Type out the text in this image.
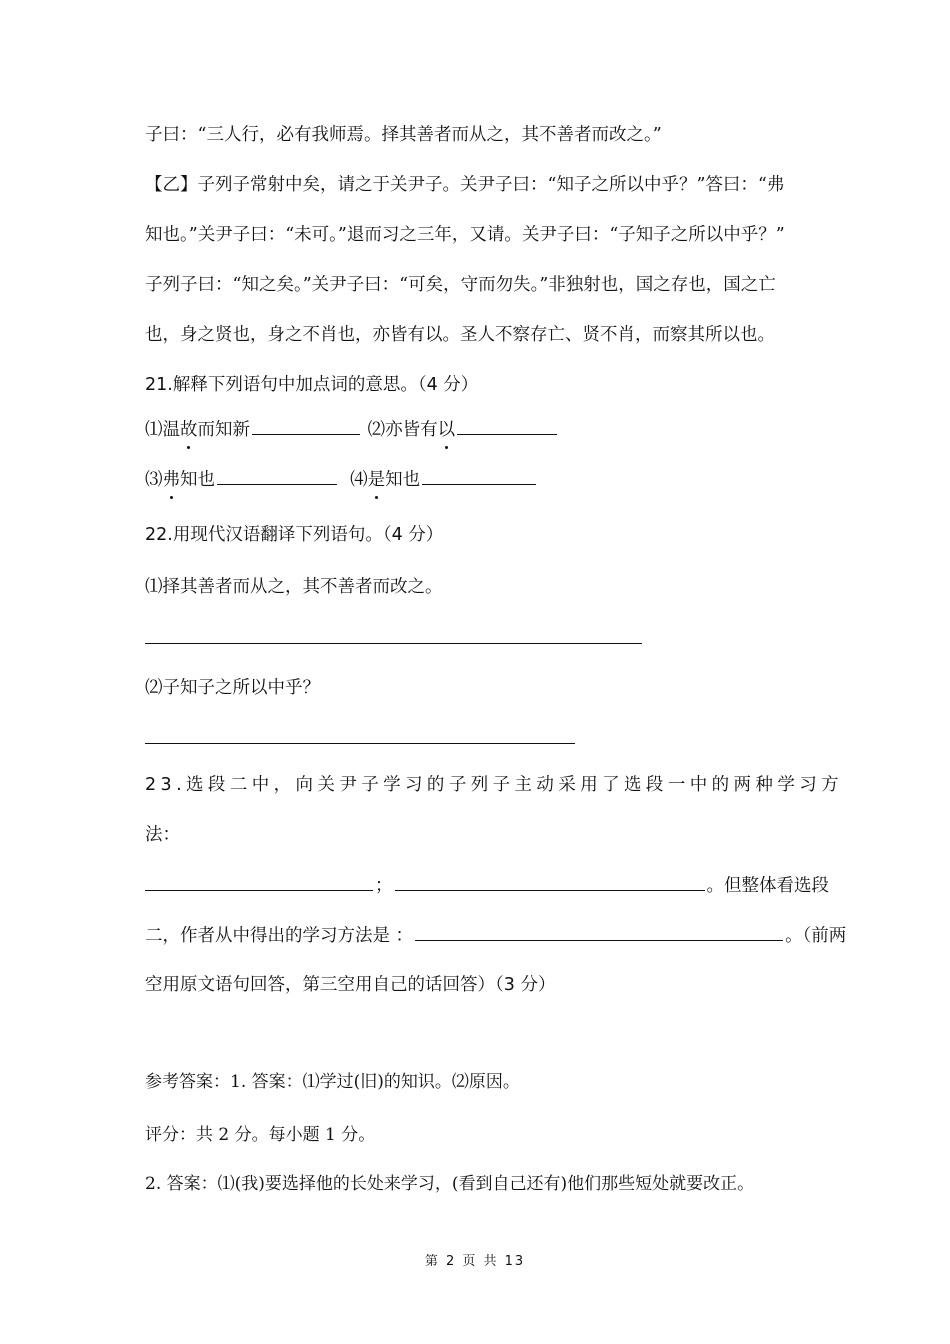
子曰：“三人行，必有我师焉。择其善者而从之，其不善者而改之。”
【乙】子列子常射中矣，请之于关尹子。关尹子曰：“知子之所以中乎？”答曰：“弗
知也。”关尹子曰：“未可。”退而习之三年，又请。关尹子曰：“子知子之所以中乎？”
子列子曰：“知之矣。”关尹子曰：“可矣，守而勿失。”非独射也，国之存也，国之亡
也，身之贤也，身之不肖也，亦皆有以。圣人不察存亡、贤不肖，而察其所以也。
21.解释下列语句中加点词的意思。（4 分）
⑴温故而知新	⑵亦皆有以
⑶弗知也	⑷是知也
22.用现代汉语翻译下列语句。（4 分）
⑴择其善者而从之，其不善者而改之。
⑵子知子之所以中乎？
23.选段二中，向关尹子学习的子列子主动采用了选段一中的两种学习方
法：
；	。但整体看选段
二，作者从中得出的学习方法是 ：	。（前两
空用原文语句回答，第三空用自己的话回答）（3 分）
参考答案：1. 答案：⑴学过(旧)的知识。⑵原因。
评分：共 2 分。每小题 1 分。
2. 答案：⑴(我)要选择他的长处来学习，(看到自己还有)他们那些短处就要改正。
第 2 页 共 13
